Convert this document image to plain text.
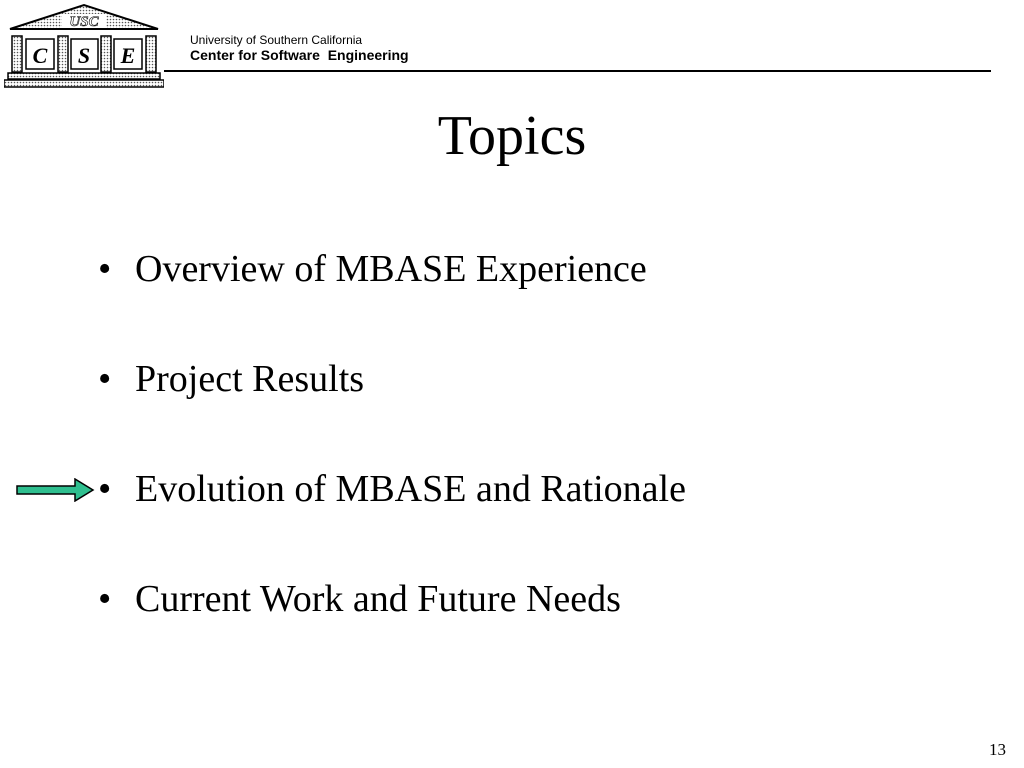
USC
C S E
University of Southern California
Center for Software  Engineering
Topics
• Overview of MBASE Experience
• Project Results
• Evolution of MBASE and Rationale
• Current Work and Future Needs
13
